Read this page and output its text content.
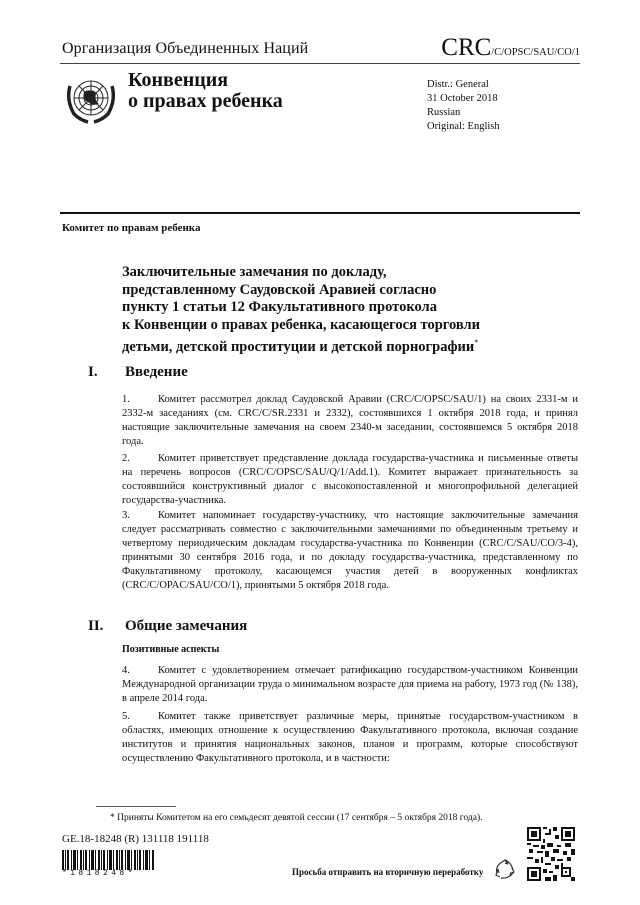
Организация Объединенных Наций	CRC/C/OPSC/SAU/CO/1
Конвенция
о правах ребенка
Distr.: General
31 October 2018
Russian
Original: English
Комитет по правам ребенка
Заключительные замечания по докладу,
представленному Саудовской Аравией согласно
пункту 1 статьи 12 Факультативного протокола
к Конвенции о правах ребенка, касающегося торговли
детьми, детской проституции и детской порнографии*
I. Введение
1.	Комитет рассмотрел доклад Саудовской Аравии (CRC/C/OPSC/SAU/1) на своих 2331-м и 2332-м заседаниях (см. CRC/C/SR.2331 и 2332), состоявшихся 1 октября 2018 года, и принял настоящие заключительные замечания на своем 2340-м заседании, состоявшемся 5 октября 2018 года.
2.	Комитет приветствует представление доклада государства-участника и письменные ответы на перечень вопросов (CRC/C/OPSC/SAU/Q/1/Add.1). Комитет выражает признательность за состоявшийся конструктивный диалог с высокопоставленной и многопрофильной делегацией государства-участника.
3.	Комитет напоминает государству-участнику, что настоящие заключительные замечания следует рассматривать совместно с заключительными замечаниями по объединенным третьему и четвертому периодическим докладам государства-участника по Конвенции (CRC/C/SAU/CO/3-4), принятыми 30 сентября 2016 года, и по докладу государства-участника, представленному по Факультативному протоколу, касающемся участия детей в вооруженных конфликтах (CRC/C/OPAC/SAU/CO/1), принятыми 5 октября 2018 года.
II. Общие замечания
Позитивные аспекты
4.	Комитет с удовлетворением отмечает ратификацию государством-участником Конвенции Международной организации труда о минимальном возрасте для приема на работу, 1973 год (№ 138), в апреле 2014 года.
5.	Комитет также приветствует различные меры, принятые государством-участником в областях, имеющих отношение к осуществлению Факультативного протокола, включая создание институтов и принятия национальных законов, планов и программ, которые способствуют осуществлению Факультативного протокола, и в частности:
* Приняты Комитетом на его семьдесят девятой сессии (17 сентября – 5 октября 2018 года).
GE.18-18248 (R) 131118 191118
*1818248*	Просьба отправить на вторичную переработку
